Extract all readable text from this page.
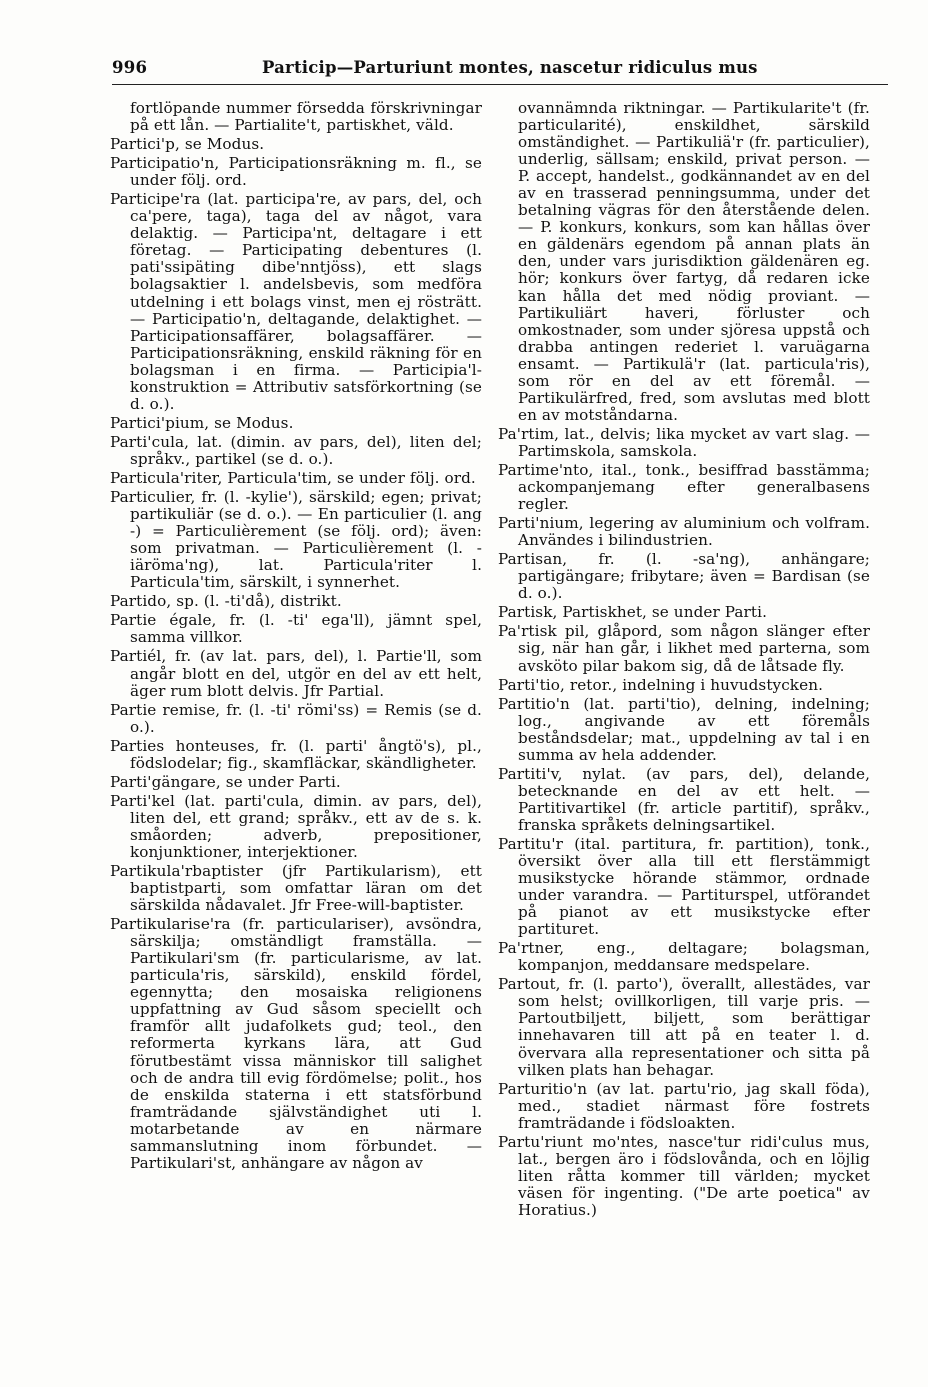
996	Particip—Parturiunt montes, nascetur ridiculus mus

fortlöpande nummer försedda förskrivningar på ett lån. — Partialite't, partiskhet, väld.

Partici'p, se Modus.

Participatio'n, Participationsräkning m. fl., se under följ. ord.

Participe'ra (lat. participa're, av pars, del, och ca'pere, taga), taga del av något, vara delaktig. — Participa'nt, deltagare i ett företag. — Participating debentures (l. pati'ssipäting dibe'nntjöss), ett slags bolagsaktier l. andelsbevis, som medföra utdelning i ett bolags vinst, men ej rösträtt. — Participatio'n, deltagande, delaktighet. — Participationsaffärer, bolagsaffärer. — Participationsräkning, enskild räkning för en bolagsman i en firma. — Participia'l-konstruktion = Attributiv satsförkortning (se d. o.).

Partici'pium, se Modus.

Parti'cula, lat. (dimin. av pars, del), liten del; språkv., partikel (se d. o.).

Particula'riter, Particula'tim, se under följ. ord.

Particulier, fr. (l. -kylie'), särskild; egen; privat; partikuliär (se d. o.). — En particulier (l. ang -) = Particulièrement (se följ. ord); även: som privatman. — Particulièrement (l. -iäröma'ng), lat. Particula'riter l. Particula'tim, särskilt, i synnerhet.

Partido, sp. (l. -ti'då), distrikt.

Partie égale, fr. (l. -ti' ega'll), jämnt spel, samma villkor.

Partiél, fr. (av lat. pars, del), l. Partie'll, som angår blott en del, utgör en del av ett helt, äger rum blott delvis. Jfr Partial.

Partie remise, fr. (l. -ti' römi'ss) = Remis (se d. o.).

Parties honteuses, fr. (l. parti' ångtö's), pl., födslodelar; fig., skamfläckar, skändligheter.

Parti'gängare, se under Parti.

Parti'kel (lat. parti'cula, dimin. av pars, del), liten del, ett grand; språkv., ett av de s. k. småorden; adverb, prepositioner, konjunktioner, interjektioner.

Partikula'rbaptister (jfr Partikularism), ett baptistparti, som omfattar läran om det särskilda nådavalet. Jfr Free-will-baptister.

Partikularise'ra (fr. particulariser), avsöndra, särskilja; omständligt framställa. — Partikulari'sm (fr. particularisme, av lat. particula'ris, särskild), enskild fördel, egennytta; den mosaiska religionens uppfattning av Gud såsom speciellt och framför allt judafolkets gud; teol., den reformerta kyrkans lära, att Gud förutbestämt vissa människor till salighet och de andra till evig fördömelse; polit., hos de enskilda staterna i ett statsförbund framträdande självständighet uti l. motarbetande av en närmare sammanslutning inom förbundet. — Partikulari'st, anhängare av någon av

ovannämnda riktningar. — Partikularite't (fr. particularité), enskildhet, särskild omständighet. — Partikuliä'r (fr. particulier), underlig, sällsam; enskild, privat person. — P. accept, handelst., godkännandet av en del av en trasserad penningsumma, under det betalning vägras för den återstående delen. — P. konkurs, konkurs, som kan hållas över en gäldenärs egendom på annan plats än den, under vars jurisdiktion gäldenären eg. hör; konkurs över fartyg, då redaren icke kan hålla det med nödig proviant. — Partikuliärt haveri, förluster och omkostnader, som under sjöresa uppstå och drabba antingen rederiet l. varuägarna ensamt. — Partikulä'r (lat. particula'ris), som rör en del av ett föremål. — Partikulärfred, fred, som avslutas med blott en av motståndarna.

Pa'rtim, lat., delvis; lika mycket av vart slag. — Partimskola, samskola.

Partime'nto, ital., tonk., besiffrad basstämma; ackompanjemang efter generalbasens regler.

Parti'nium, legering av aluminium och volfram. Användes i bilindustrien.

Partisan, fr. (l. -sa'ng), anhängare; partigängare; fribytare; även = Bardisan (se d. o.).

Partisk, Partiskhet, se under Parti.

Pa'rtisk pil, glåpord, som någon slänger efter sig, när han går, i likhet med parterna, som avsköto pilar bakom sig, då de låtsade fly.

Parti'tio, retor., indelning i huvudstycken.

Partitio'n (lat. parti'tio), delning, indelning; log., angivande av ett föremåls beståndsdelar; mat., uppdelning av tal i en summa av hela addender.

Partiti'v, nylat. (av pars, del), delande, betecknande en del av ett helt. — Partitivartikel (fr. article partitif), språkv., franska språkets delningsartikel.

Partitu'r (ital. partitura, fr. partition), tonk., översikt över alla till ett flerstämmigt musikstycke hörande stämmor, ordnade under varandra. — Partiturspel, utförandet på pianot av ett musikstycke efter partituret.

Pa'rtner, eng., deltagare; bolagsman, kompanjon, meddansare medspelare.

Partout, fr. (l. parto'), överallt, allestädes, var som helst; ovillkorligen, till varje pris. — Partoutbiljett, biljett, som berättigar innehavaren till att på en teater l. d. övervara alla representationer och sitta på vilken plats han behagar.

Parturitio'n (av lat. partu'rio, jag skall föda), med., stadiet närmast före fostrets framträdande i födsloakten.

Partu'riunt mo'ntes, nasce'tur ridi'culus mus, lat., bergen äro i födslovånda, och en löjlig liten råtta kommer till världen; mycket väsen för ingenting. ("De arte poetica" av Horatius.)
